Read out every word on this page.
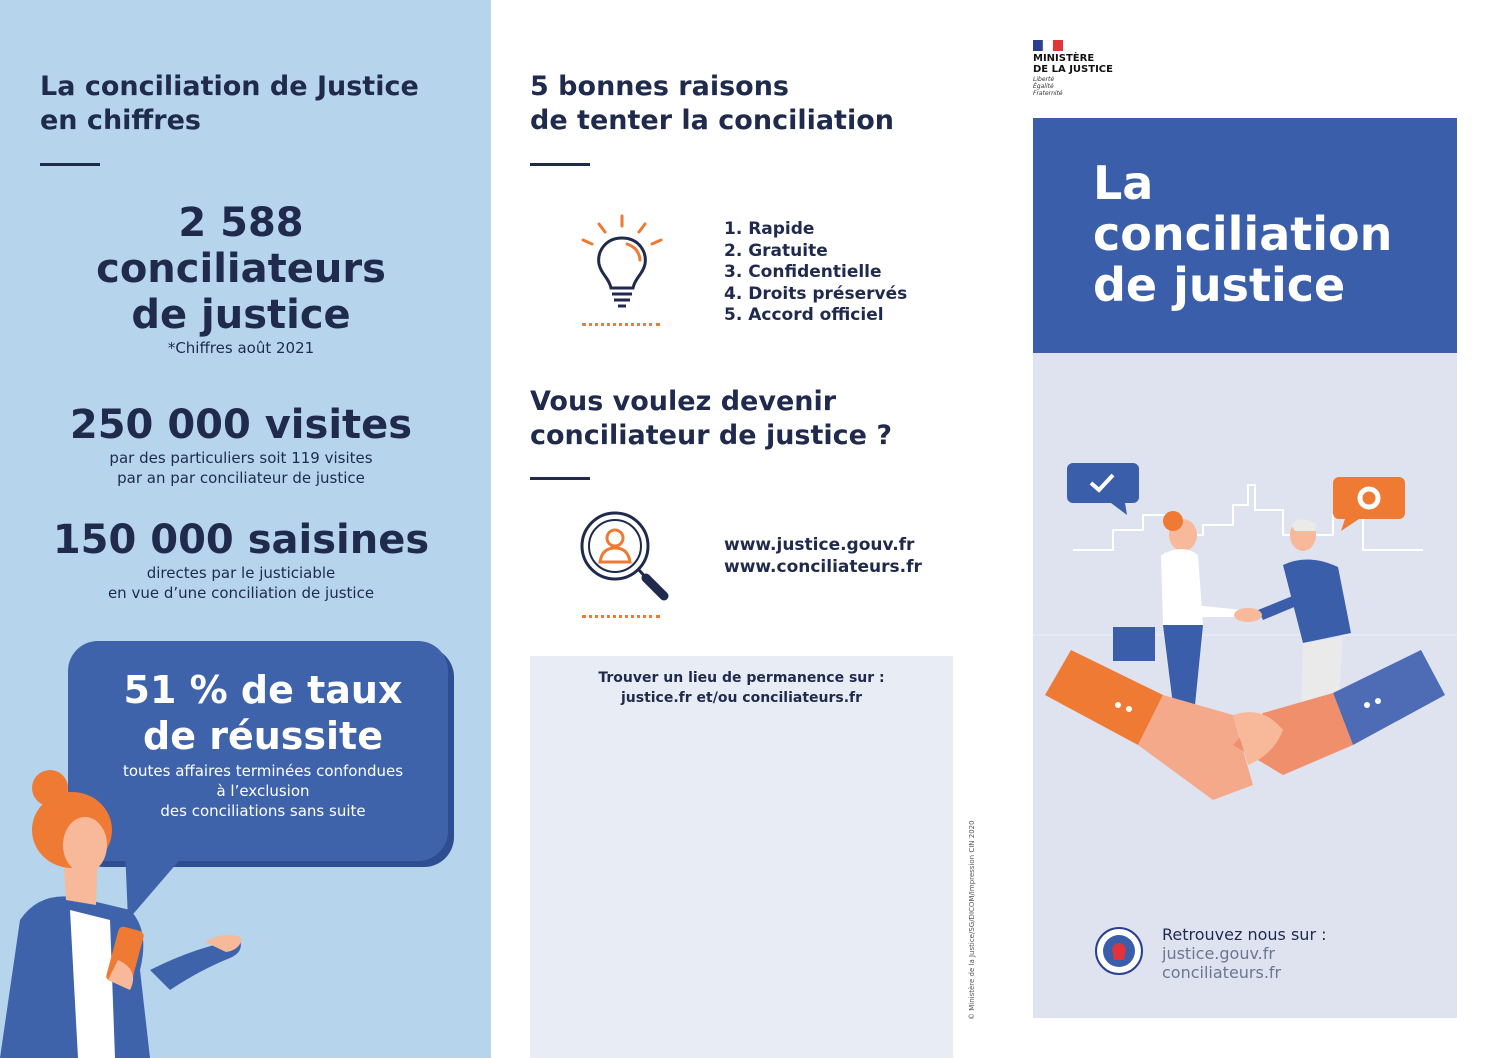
La conciliation de Justice
en chiffres
2 588
conciliateurs
de justice
*Chiffres août 2021
250 000 visites
par des particuliers soit 119 visites
par an par conciliateur de justice
150 000 saisines
directes par le justiciable
en vue d’une conciliation de justice
51 % de taux
de réussite
toutes affaires terminées confondues
à l’exclusion
des conciliations sans suite
5 bonnes raisons
de tenter la conciliation
1. Rapide
2. Gratuite
3. Confidentielle
4. Droits préservés
5. Accord officiel
Vous voulez devenir
conciliateur de justice ?
www.justice.gouv.fr
www.conciliateurs.fr
Trouver un lieu de permanence sur :
justice.fr et/ou conciliateurs.fr
© Ministère de la Justice/SG/DICOM/Impression CIN 2020
MINISTÈRE
DE LA JUSTICE
Liberté
Égalité
Fraternité
La
conciliation
de justice
Retrouvez nous sur :
justice.gouv.fr
conciliateurs.fr
